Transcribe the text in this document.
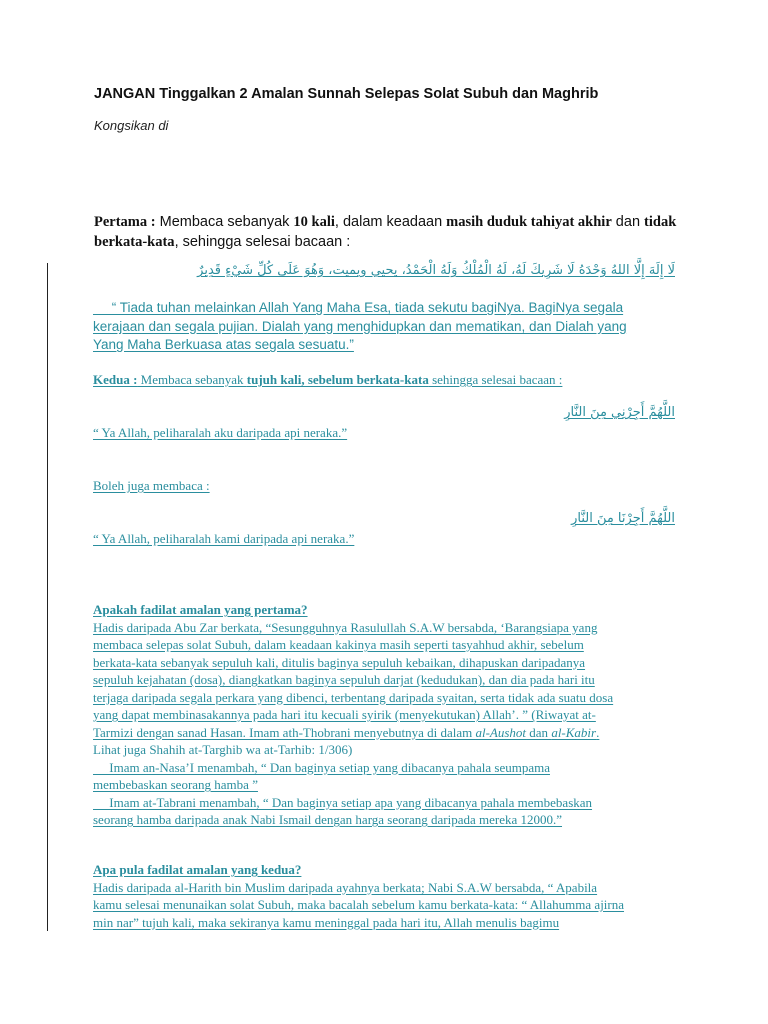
JANGAN Tinggalkan 2 Amalan Sunnah Selepas Solat Subuh dan Maghrib
Kongsikan di
Pertama : Membaca sebanyak 10 kali, dalam keadaan masih duduk tahiyat akhir dan tidak
berkata-kata, sehingga selesai bacaan :
لَا إِلَهَ إِلَّا اللهُ وَحْدَهُ لَا شَرِيكَ لَهُ، لَهُ الْمُلْكُ وَلَهُ الْحَمْدُ، يحيي ويميت، وَهُوَ عَلَى كُلِّ شَيْءٍ قَدِيرٌ
“ Tiada tuhan melainkan Allah Yang Maha Esa, tiada sekutu bagiNya. BagiNya segala
kerajaan dan segala pujian. Dialah yang menghidupkan dan mematikan, dan Dialah yang
Yang Maha Berkuasa atas segala sesuatu.”
Kedua : Membaca sebanyak tujuh kali, sebelum berkata-kata sehingga selesai bacaan :
اللَّهُمَّ أَجِرْنِي مِنَ النَّارِ
“ Ya Allah, peliharalah aku daripada api neraka.”
Boleh juga membaca :
اللَّهُمَّ أَجِرْنَا مِنَ النَّارِ
“ Ya Allah, peliharalah kami daripada api neraka.”
Apakah fadilat amalan yang pertama?
Hadis daripada Abu Zar berkata, “Sesungguhnya Rasulullah S.A.W bersabda, ‘Barangsiapa yang
membaca selepas solat Subuh, dalam keadaan kakinya masih seperti tasyahhud akhir, sebelum
berkata-kata sebanyak sepuluh kali, ditulis baginya sepuluh kebaikan, dihapuskan daripadanya
sepuluh kejahatan (dosa), diangkatkan baginya sepuluh darjat (kedudukan), dan dia pada hari itu
terjaga daripada segala perkara yang dibenci, terbentang daripada syaitan, serta tidak ada suatu dosa
yang dapat membinasakannya pada hari itu kecuali syirik (menyekutukan) Allah’. ” (Riwayat at-
Tarmizi dengan sanad Hasan. Imam ath-Thobrani menyebutnya di dalam al-Aushot dan al-Kabir.
Lihat juga Shahih at-Targhib wa at-Tarhib: 1/306)
Imam an-Nasa’I menambah, “ Dan baginya setiap yang dibacanya pahala seumpama
membebaskan seorang hamba ”
Imam at-Tabrani menambah, “ Dan baginya setiap apa yang dibacanya pahala membebaskan
seorang hamba daripada anak Nabi Ismail dengan harga seorang daripada mereka 12000.”
Apa pula fadilat amalan yang kedua?
Hadis daripada al-Harith bin Muslim daripada ayahnya berkata; Nabi S.A.W bersabda, “ Apabila
kamu selesai menunaikan solat Subuh, maka bacalah sebelum kamu berkata-kata: “ Allahumma ajirna
min nar” tujuh kali, maka sekiranya kamu meninggal pada hari itu, Allah menulis bagimu
